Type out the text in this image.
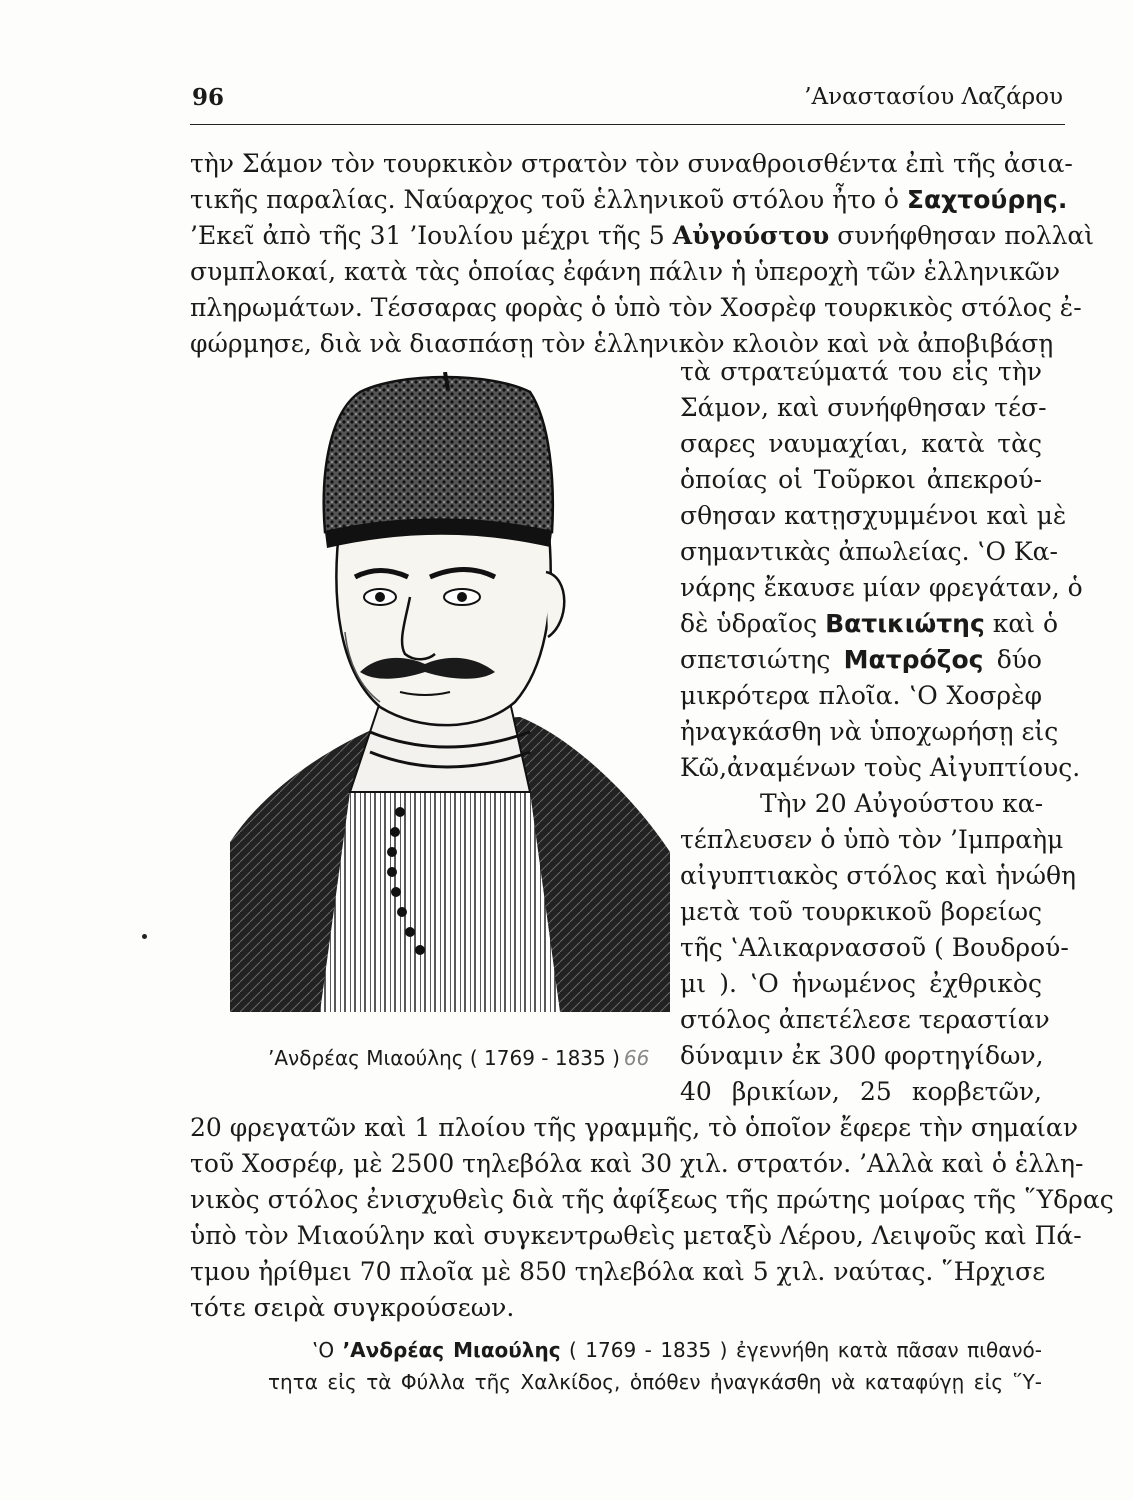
96	’Αναστασίου Λαζάρου
τὴν Σάμον τὸν τουρκικὸν στρατὸν τὸν συναθροισθέντα ἐπὶ τῆς ἀσια-
τικῆς παραλίας. Ναύαρχος τοῦ ἑλληνικοῦ στόλου ἦτο ὁ Σαχτούρης.
’Εκεῖ ἀπὸ τῆς 31 ’Ιουλίου μέχρι τῆς 5 Αὐγούστου συνήφθησαν πολλαὶ
συμπλοκαί, κατὰ τὰς ὁποίας ἐφάνη πάλιν ἡ ὑπεροχὴ τῶν ἑλληνικῶν
πληρωμάτων. Τέσσαρας φορὰς ὁ ὑπὸ τὸν Χοσρὲφ τουρκικὸς στόλος ἐ-
φώρμησε, διὰ νὰ διασπάσῃ τὸν ἑλληνικὸν κλοιὸν καὶ νὰ ἀποβιβάσῃ
τὰ στρατεύματά του εἰς τὴν
Σάμον, καὶ συνήφθησαν τέσ-
σαρες ναυμαχίαι, κατὰ τὰς
ὁποίας οἱ Τοῦρκοι ἀπεκρού-
σθησαν κατῃσχυμμένοι καὶ μὲ
σημαντικὰς ἀπωλείας. ‛Ο Κα-
νάρης ἔκαυσε μίαν φρεγάταν, ὁ
δὲ ὑδραῖος Βατικιώτης καὶ ὁ
σπετσιώτης Ματρόζος δύο
μικρότερα πλοῖα. ‛Ο Χοσρὲφ
ἠναγκάσθη νὰ ὑποχωρήσῃ εἰς
Κῶ,ἀναμένων τοὺς Αἰγυπτίους.
Τὴν 20 Αὐγούστου κα-
τέπλευσεν ὁ ὑπὸ τὸν ’Ιμπραὴμ
αἰγυπτιακὸς στόλος καὶ ἡνώθη
μετὰ τοῦ τουρκικοῦ βορείως
τῆς ‛Αλικαρνασσοῦ ( Βουδρού-
μι ). ‛Ο ἡνωμένος ἐχθρικὸς
στόλος ἀπετέλεσε τεραστίαν
δύναμιν ἐκ 300 φορτηγίδων,
40 βρικίων, 25 κορβετῶν,
’Ανδρέας Μιαούλης ( 1769 - 1835 ) 66
20 φρεγατῶν καὶ 1 πλοίου τῆς γραμμῆς, τὸ ὁποῖον ἔφερε τὴν σημαίαν
τοῦ Χοσρέφ, μὲ 2500 τηλεβόλα καὶ 30 χιλ. στρατόν. ’Αλλὰ καὶ ὁ ἑλλη-
νικὸς στόλος ἐνισχυθεὶς διὰ τῆς ἀφίξεως τῆς πρώτης μοίρας τῆς ῞Υδρας
ὑπὸ τὸν Μιαούλην καὶ συγκεντρωθεὶς μεταξὺ Λέρου, Λειψοῦς καὶ Πά-
τμου ἠρίθμει 70 πλοῖα μὲ 850 τηλεβόλα καὶ 5 χιλ. ναύτας. ῞Ηρχισε
τότε σειρὰ συγκρούσεων.
‛Ο ’Ανδρέας Μιαούλης ( 1769 - 1835 ) ἐγεννήθη κατὰ πᾶσαν πιθανό-
τητα εἰς τὰ Φύλλα τῆς Χαλκίδος, ὁπόθεν ἠναγκάσθη νὰ καταφύγῃ εἰς ῞Υ-
